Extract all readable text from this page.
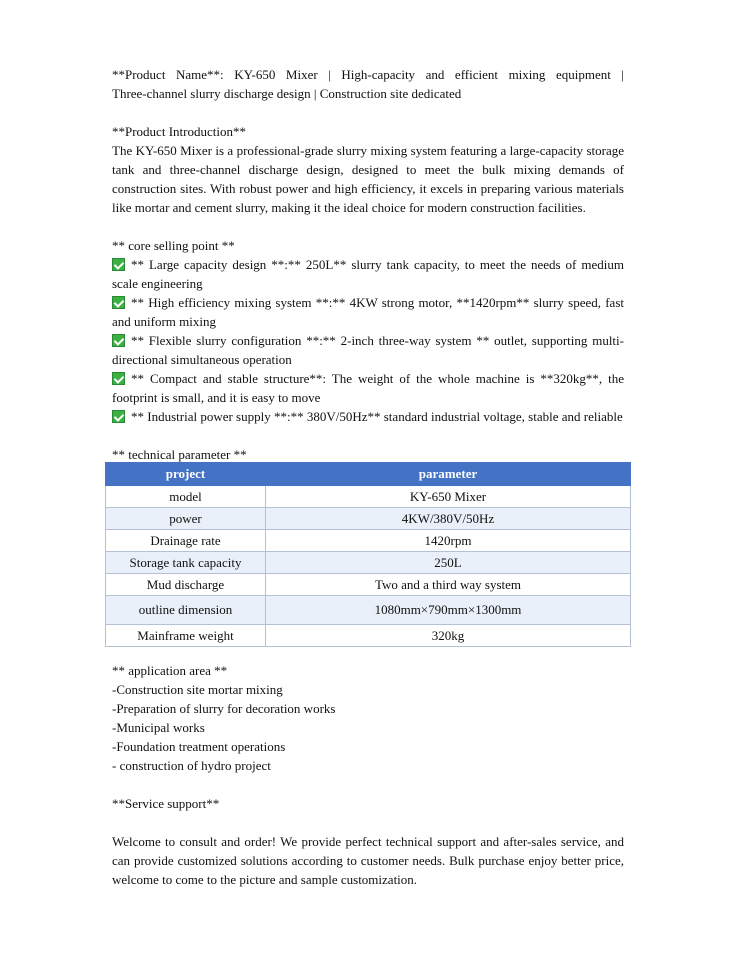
**Product Name**: KY-650 Mixer | High-capacity and efficient mixing equipment |

Three-channel slurry discharge design | Construction site dedicated

**Product Introduction**

The KY-650 Mixer is a professional-grade slurry mixing system featuring a large-capacity storage tank and three-channel discharge design, designed to meet the bulk mixing demands of construction sites. With robust power and high efficiency, it excels in preparing various materials like mortar and cement slurry, making it the ideal choice for modern construction facilities.

** core selling point **

** Large capacity design **:** 250L** slurry tank capacity, to meet the needs of medium scale engineering

** High efficiency mixing system **:** 4KW strong motor, **1420rpm** slurry speed, fast and uniform mixing

** Flexible slurry configuration **:** 2-inch three-way system ** outlet, supporting multi-directional simultaneous operation

** Compact and stable structure**: The weight of the whole machine is **320kg**, the footprint is small, and it is easy to move

** Industrial power supply **:** 380V/50Hz** standard industrial voltage, stable and reliable

** technical parameter **

project	parameter
model	KY-650 Mixer
power	4KW/380V/50Hz
Drainage rate	1420rpm
Storage tank capacity	250L
Mud discharge	Two and a third way system
outline dimension	1080mm×790mm×1300mm
Mainframe weight	320kg

** application area **

-Construction site mortar mixing

-Preparation of slurry for decoration works

-Municipal works

-Foundation treatment operations

- construction of hydro project

**Service support**

Welcome to consult and order! We provide perfect technical support and after-sales service, and can provide customized solutions according to customer needs. Bulk purchase enjoy better price, welcome to come to the picture and sample customization.
